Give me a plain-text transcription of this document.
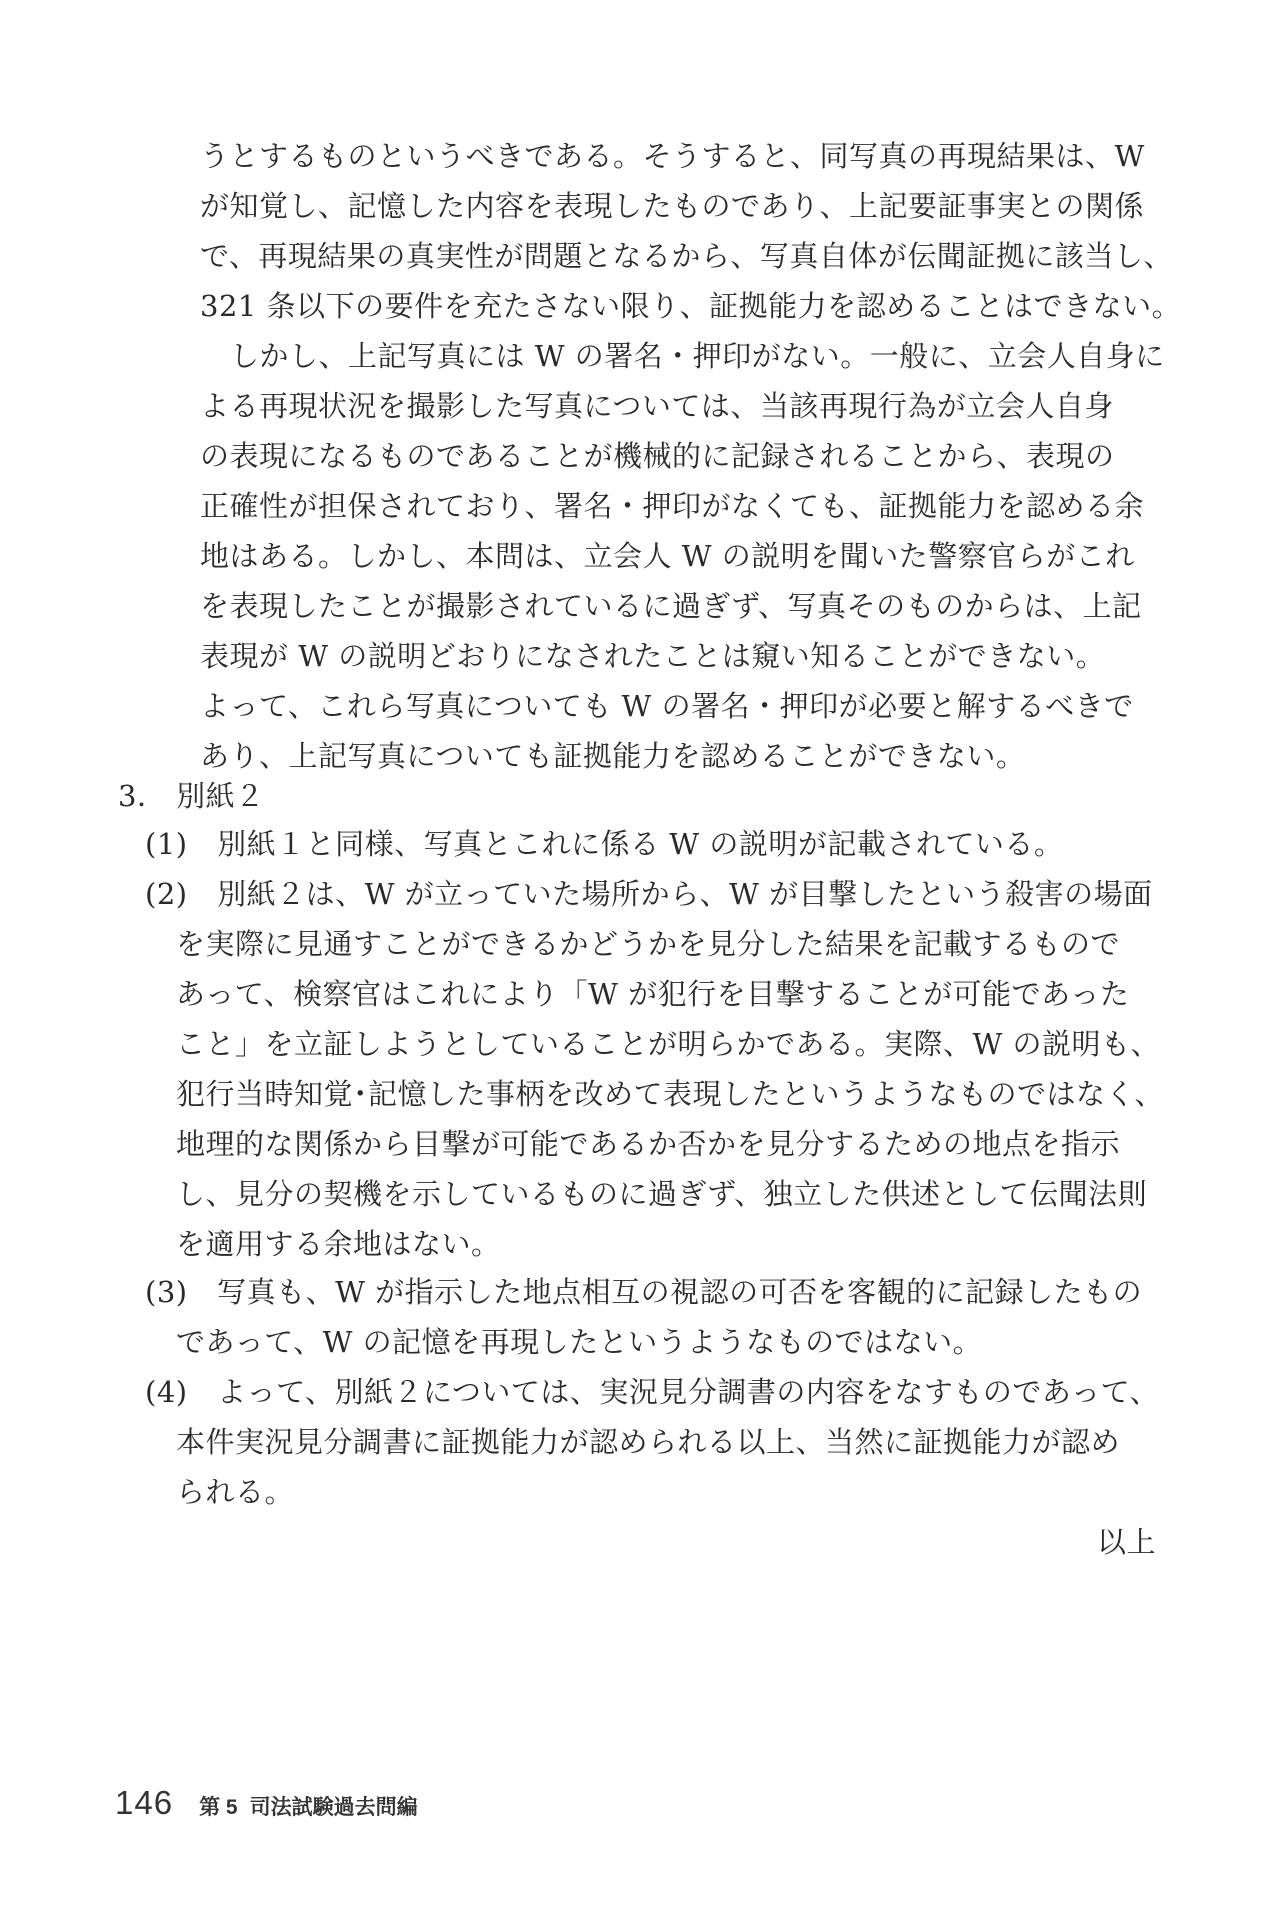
うとするものというべきである。そうすると、同写真の再現結果は、W
が知覚し、記憶した内容を表現したものであり、上記要証事実との関係
で、再現結果の真実性が問題となるから、写真自体が伝聞証拠に該当し、
321 条以下の要件を充たさない限り、証拠能力を認めることはできない。
しかし、上記写真には W の署名・押印がない。一般に、立会人自身に
よる再現状況を撮影した写真については、当該再現行為が立会人自身
の表現になるものであることが機械的に記録されることから、表現の
正確性が担保されており、署名・押印がなくても、証拠能力を認める余
地はある。しかし、本問は、立会人 W の説明を聞いた警察官らがこれ
を表現したことが撮影されているに過ぎず、写真そのものからは、上記
表現が W の説明どおりになされたことは窺い知ることができない。
よって、これら写真についても W の署名・押印が必要と解するべきで
あり、上記写真についても証拠能力を認めることができない。
3． 別紙２
(1)　別紙１と同様、写真とこれに係る W の説明が記載されている。
(2)　別紙２は、W が立っていた場所から、W が目撃したという殺害の場面
を実際に見通すことができるかどうかを見分した結果を記載するもので
あって、検察官はこれにより「W が犯行を目撃することが可能であった
こと」を立証しようとしていることが明らかである。実際、W の説明も、
犯行当時知覚･記憶した事柄を改めて表現したというようなものではなく、
地理的な関係から目撃が可能であるか否かを見分するための地点を指示
し、見分の契機を示しているものに過ぎず、独立した供述として伝聞法則
を適用する余地はない。
(3)　写真も、W が指示した地点相互の視認の可否を客観的に記録したもの
であって、W の記憶を再現したというようなものではない。
(4)　よって、別紙２については、実況見分調書の内容をなすものであって、
本件実況見分調書に証拠能力が認められる以上、当然に証拠能力が認め
られる。
以上
146 第 5 司法試験過去問編
